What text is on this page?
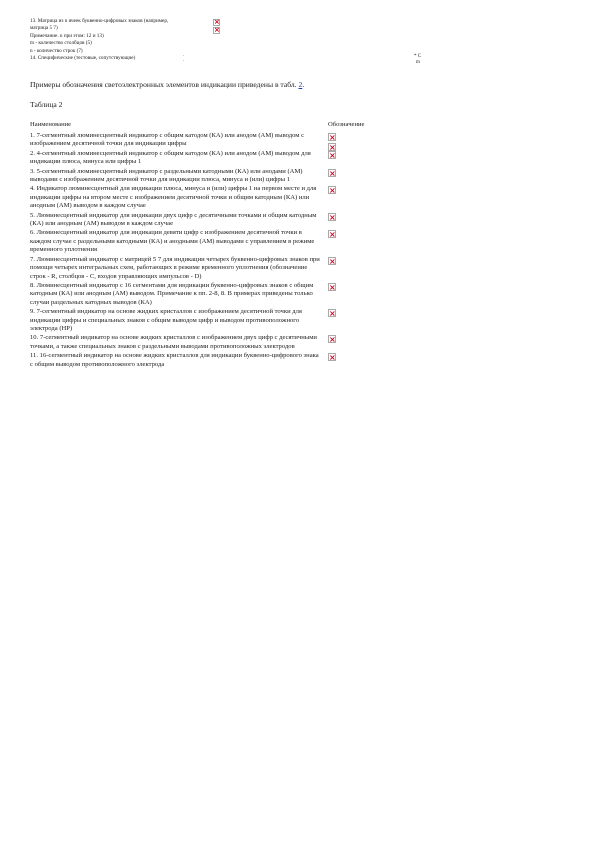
13. Матрица из n ячеек буквенно-цифровых знаков (например,
матрица 5 7)
Примечание. n при этом: 12 и 13)
m - количество столбцов (5)
n - количество строк (7)
14. Специфические (тестовые, сопутствующие)
×
×	·
·
* С
m
Примеры обозначения светоэлектронных элементов индикации приведены в табл. 2.
Таблица 2
Наименование	Обозначение
1. 7-сегментный люминесцентный индикатор с общим катодом (КА) или анодом (АМ) выводом с изображением десятичной точки для индикации цифры
×
×
2. 4-сегментный люминесцентный индикатор с общим катодом (КА) или анодом (АМ) выводом для индикации плюса, минуса или цифры 1
×
3. 5-сегментный люминесцентный индикатор с раздельными катодными (КА) или анодами (АМ) выводами с изображением десятичной точки для индикации плюса, минуса и (или) цифры 1
×
4. Индикатор люминесцентный для индикации плюса, минуса и (или) цифры 1 на первом месте и для индикации цифры на втором месте с изображением десятичной точки и общим катодным (КА) или анодным (АМ) выводом в каждом случае
×
5. Люминесцентный индикатор для индикации двух цифр с десятичными точками и общим катодным (КА) или анодным (АМ) выводом в каждом случае
×
6. Люминесцентный индикатор для индикации девяти цифр с изображением десятичной точки в каждом случае с раздельными катодными (КА) и анодными (АМ) выводами с управлением в режиме временного уплотнения
×
7. Люминесцентный индикатор с матрицей 5 7 для индикации четырех буквенно-цифровых знаков при помощи четырех интегральных схем, работающих в режиме временного уплотнения (обозначение строк - R, столбцов - С, входов управляющих импульсов - D)
×
8. Люминесцентный индикатор с 16 сегментами для индикации буквенно-цифровых знаков с общим катодным (КА) или анодным (АМ) выводом. Примечание к пп. 2-8, 8. В примерах приведены только случаи раздельных катодных выводов (КА)
×
9. 7-сегментный индикатор на основе жидких кристаллов с изображением десятичной точки для индикации цифры и специальных знаков с общим выводом цифр и выводом противоположного электрода (НР)
×
10. 7-сегментный индикатор на основе жидких кристаллов с изображением двух цифр с десятичными точками, а также специальных знаков с раздельными выводами противоположных электродов
×
11. 16-сегментный индикатор на основе жидких кристаллов для индикации буквенно-цифрового знака с общим выводом противоположного электрода
×
